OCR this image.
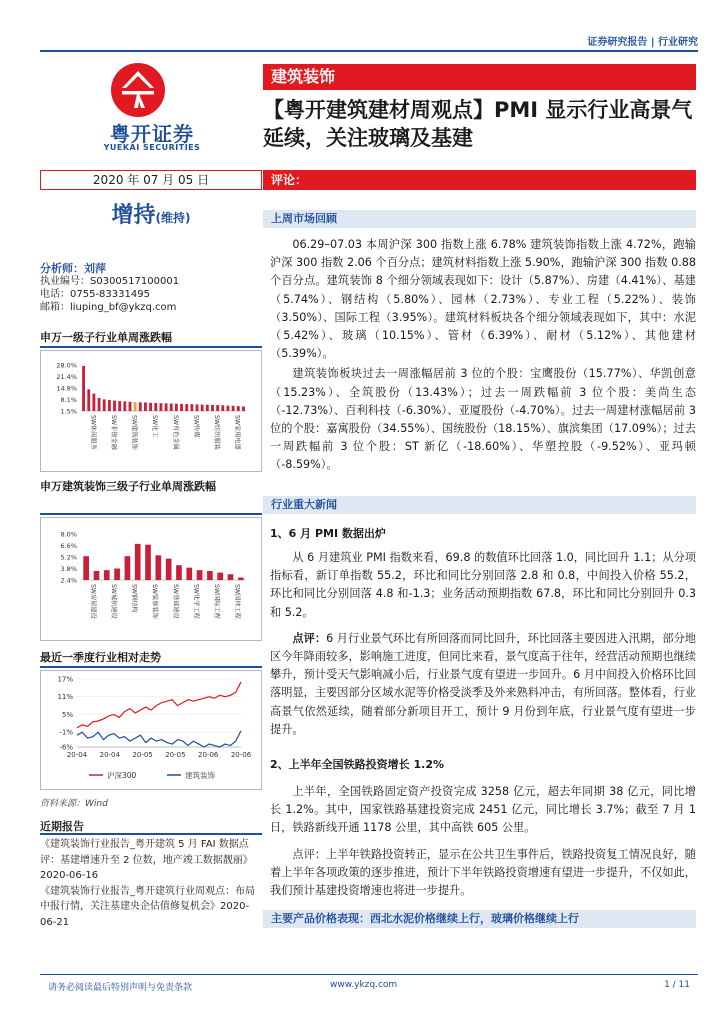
证券研究报告 | 行业研究
粤开证券
YUEKAI SECURITIES
建筑装饰
【粤开建筑建材周观点】PMI 显示行业高景气延续，关注玻璃及基建
2020 年 07 月 05 日	评论：
增持(维持)
分析师：刘萍
执业编号：S0300517100001
电话：0755-83331495
邮箱：liuping_bf@ykzq.com
申万一级子行业单周涨跌幅
28.0%
21.4%
14.8%
8.1%
1.5%
SW休闲服务 SW非银金融 SW建筑装饰 SW化工 SW有色金属 SW传媒 SW纺织服装 SW家用电器
申万建筑装饰三级子行业单周涨跌幅
8.0%
6.6%
5.2%
3.8%
2.4%
SW房屋建设 SW城轨建设 SW钢结构 SW装修装饰 SW基础建设 SW化学工程 SW国际工程 SW园林工程
最近一季度行业相对走势
17%
11%
5%
-1%
-6%
20-04 20-04 20-05 20-05 20-06 20-06
沪深300	建筑装饰
资料来源：Wind
近期报告

《建筑装饰行业报告_粤开建筑 5 月 FAI 数据点评：基建增速升至 2 位数，地产竣工数据靓丽》2020-06-16

《建筑装饰行业报告_粤开建筑行业周观点：布局中报行情，关注基建央企估值修复机会》2020-06-21

上周市场回顾

06.29–07.03 本周沪深 300 指数上涨 6.78% 建筑装饰指数上涨 4.72%，跑输沪深 300 指数 2.06 个百分点；建筑材料指数上涨 5.90%，跑输沪深 300 指数 0.88 个百分点。建筑装饰 8 个细分领域表现如下：设计（5.87%）、房建（4.41%）、基建（5.74%）、钢结构（5.80%）、园林（2.73%）、专业工程（5.22%）、装饰（3.50%）、国际工程（3.95%）。建筑材料板块各个细分领域表现如下，其中：水泥（5.42%）、玻璃（10.15%）、管材（6.39%）、耐材（5.12%）、其他建材（5.39%）。

建筑装饰板块过去一周涨幅居前 3 位的个股：宝鹰股份（15.77%）、华凯创意（15.23%）、全筑股份（13.43%）；过去一周跌幅前 3 位个股：美尚生态（-12.73%）、百利科技（-6.30%）、亚厦股份（-4.70%）。过去一周建材涨幅居前 3 位的个股：嘉寓股份（34.55%）、国统股份（18.15%）、旗滨集团（17.09%）；过去一周跌幅前 3 位个股：ST 新亿（-18.60%）、华塑控股（-9.52%）、亚玛顿（-8.59%）。

行业重大新闻
1、6 月 PMI 数据出炉

从 6 月建筑业 PMI 指数来看，69.8 的数值环比回落 1.0，同比回升 1.1；从分项指标看，新订单指数 55.2，环比和同比分别回落 2.8 和 0.8，中间投入价格 55.2，环比和同比分别回落 4.8 和-1.3；业务活动预期指数 67.8，环比和同比分别回升 0.3 和 5.2。

点评：6 月行业景气环比有所回落而同比回升，环比回落主要因进入汛期，部分地区今年降雨较多，影响施工进度，但同比来看，景气度高于往年，经营活动预期也继续攀升，预计受天气影响减小后，行业景气度有望进一步回升。6 月中间投入价格环比回落明显，主要因部分区域水泥等价格受淡季及外来熟料冲击，有所回落。整体看，行业高景气依然延续，随着部分新项目开工，预计 9 月份到年底，行业景气度有望进一步提升。

2、上半年全国铁路投资增长 1.2%

上半年，全国铁路固定资产投资完成 3258 亿元，超去年同期 38 亿元，同比增长 1.2%。其中，国家铁路基建投资完成 2451 亿元，同比增长 3.7%；截至 7 月 1 日，铁路新线开通 1178 公里，其中高铁 605 公里。

点评：上半年铁路投资转正，显示在公共卫生事件后，铁路投资复工情况良好，随着上半年各项政策的逐步推进，预计下半年铁路投资增速有望进一步提升，不仅如此，我们预计基建投资增速也将进一步提升。

主要产品价格表现：西北水泥价格继续上行，玻璃价格继续上行
请务必阅读最后特别声明与免责条款	www.ykzq.com	1 / 11
